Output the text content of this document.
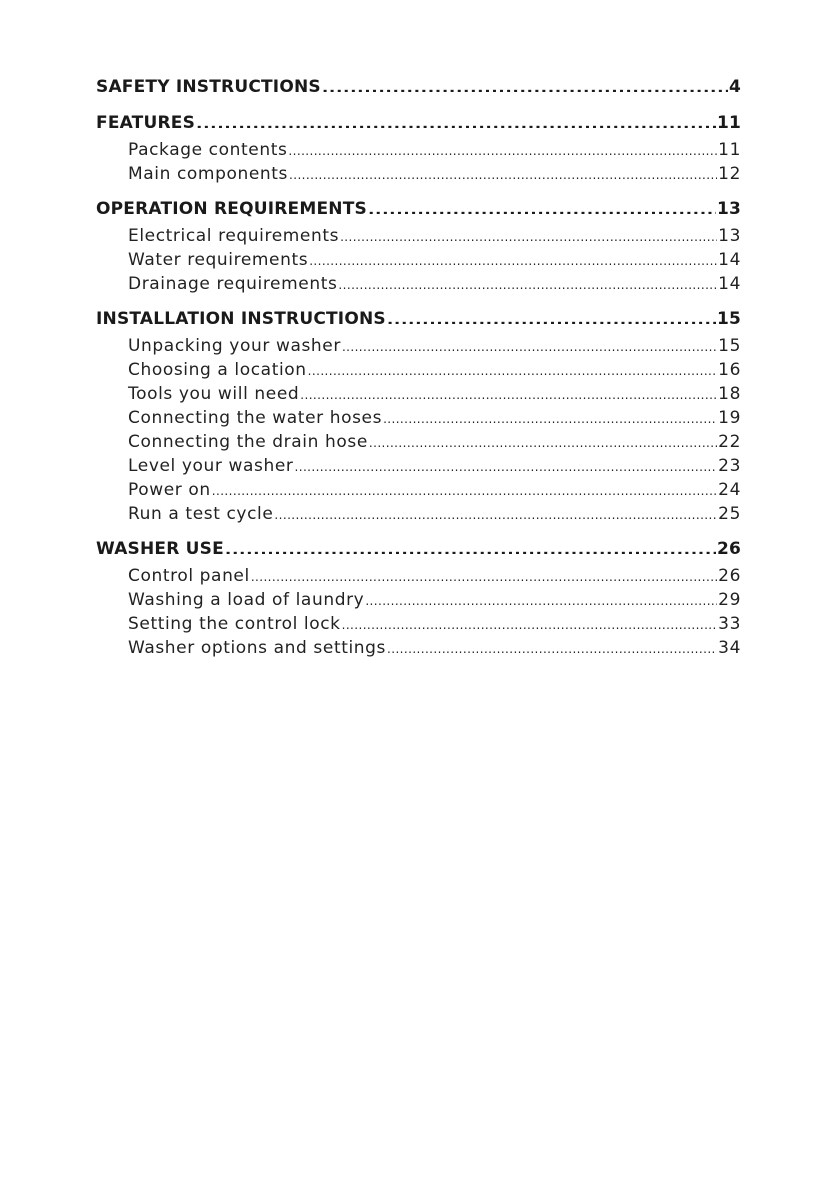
SAFETY INSTRUCTIONS .....	4
FEATURES .....	11
Package contents .....	11
Main components .....	12
OPERATION REQUIREMENTS .....	13
Electrical requirements .....	13
Water requirements .....	14
Drainage requirements .....	14
INSTALLATION INSTRUCTIONS .....	15
Unpacking your washer .....	15
Choosing a location .....	16
Tools you will need .....	18
Connecting the water hoses .....	19
Connecting the drain hose .....	22
Level your washer .....	23
Power on .....	24
Run a test cycle .....	25
WASHER USE .....	26
Control panel .....	26
Washing a load of laundry .....	29
Setting the control lock .....	33
Washer options and settings .....	34
